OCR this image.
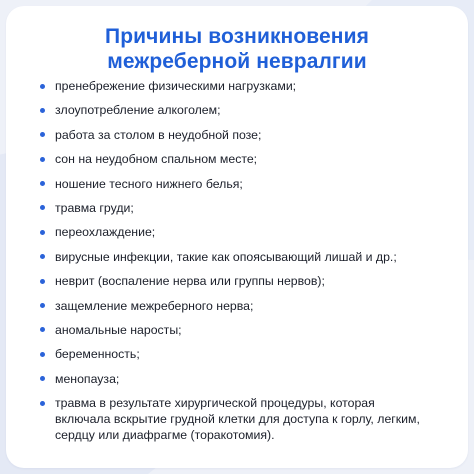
Причины возникновения
межреберной невралгии
пренебрежение физическими нагрузками;
злоупотребление алкоголем;
работа за столом в неудобной позе;
сон на неудобном спальном месте;
ношение тесного нижнего белья;
травма груди;
переохлаждение;
вирусные инфекции, такие как опоясывающий лишай и др.;
неврит (воспаление нерва или группы нервов);
защемление межреберного нерва;
аномальные наросты;
беременность;
менопауза;
травма в результате хирургической процедуры, которая включала вскрытие грудной клетки для доступа к горлу, легким, сердцу или диафрагме (торакотомия).
